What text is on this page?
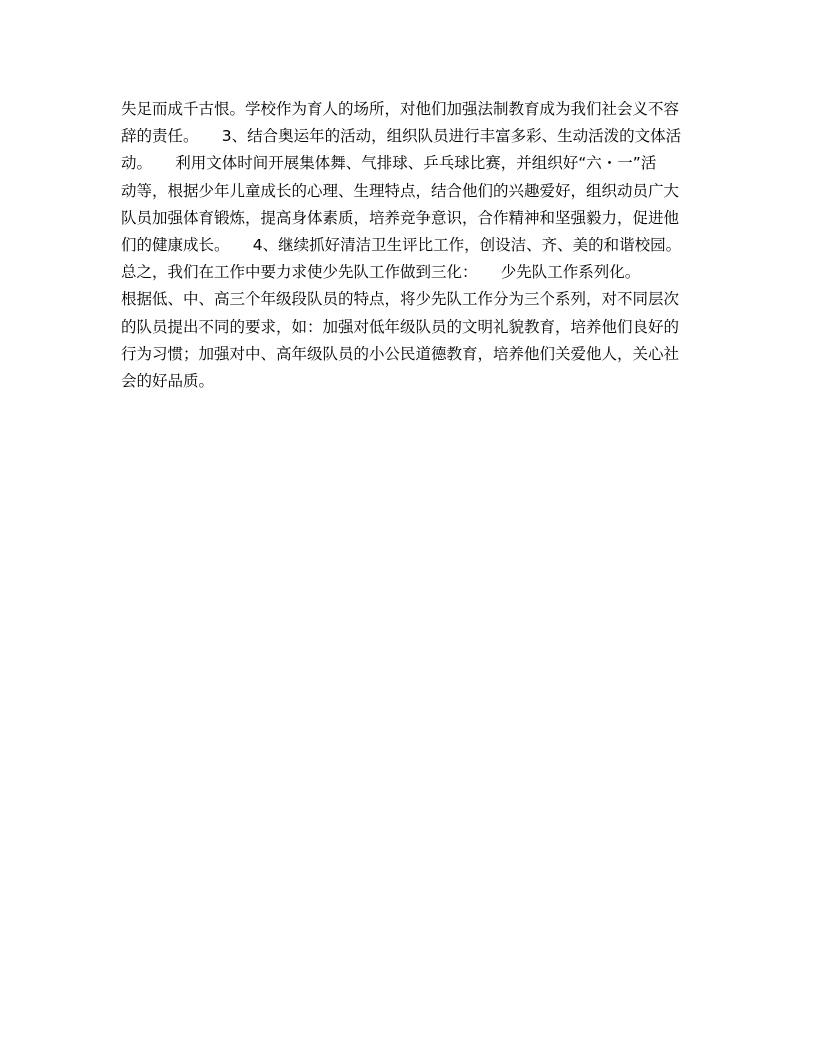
失足而成千古恨。学校作为育人的场所，对他们加强法制教育成为我们社会义不容
辞的责任。　　3、结合奥运年的活动，组织队员进行丰富多彩、生动活泼的文体活
动。　　利用文体时间开展集体舞、气排球、乒乓球比赛，并组织好“六・一”活
动等，根据少年儿童成长的心理、生理特点，结合他们的兴趣爱好，组织动员广大
队员加强体育锻炼，提高身体素质，培养竞争意识，合作精神和坚强毅力，促进他
们的健康成长。　　4、继续抓好清洁卫生评比工作，创设洁、齐、美的和谐校园。
总之，我们在工作中要力求使少先队工作做到三化：　　少先队工作系列化。
根据低、中、高三个年级段队员的特点，将少先队工作分为三个系列，对不同层次
的队员提出不同的要求，如：加强对低年级队员的文明礼貌教育，培养他们良好的
行为习惯；加强对中、高年级队员的小公民道德教育，培养他们关爱他人，关心社
会的好品质。
